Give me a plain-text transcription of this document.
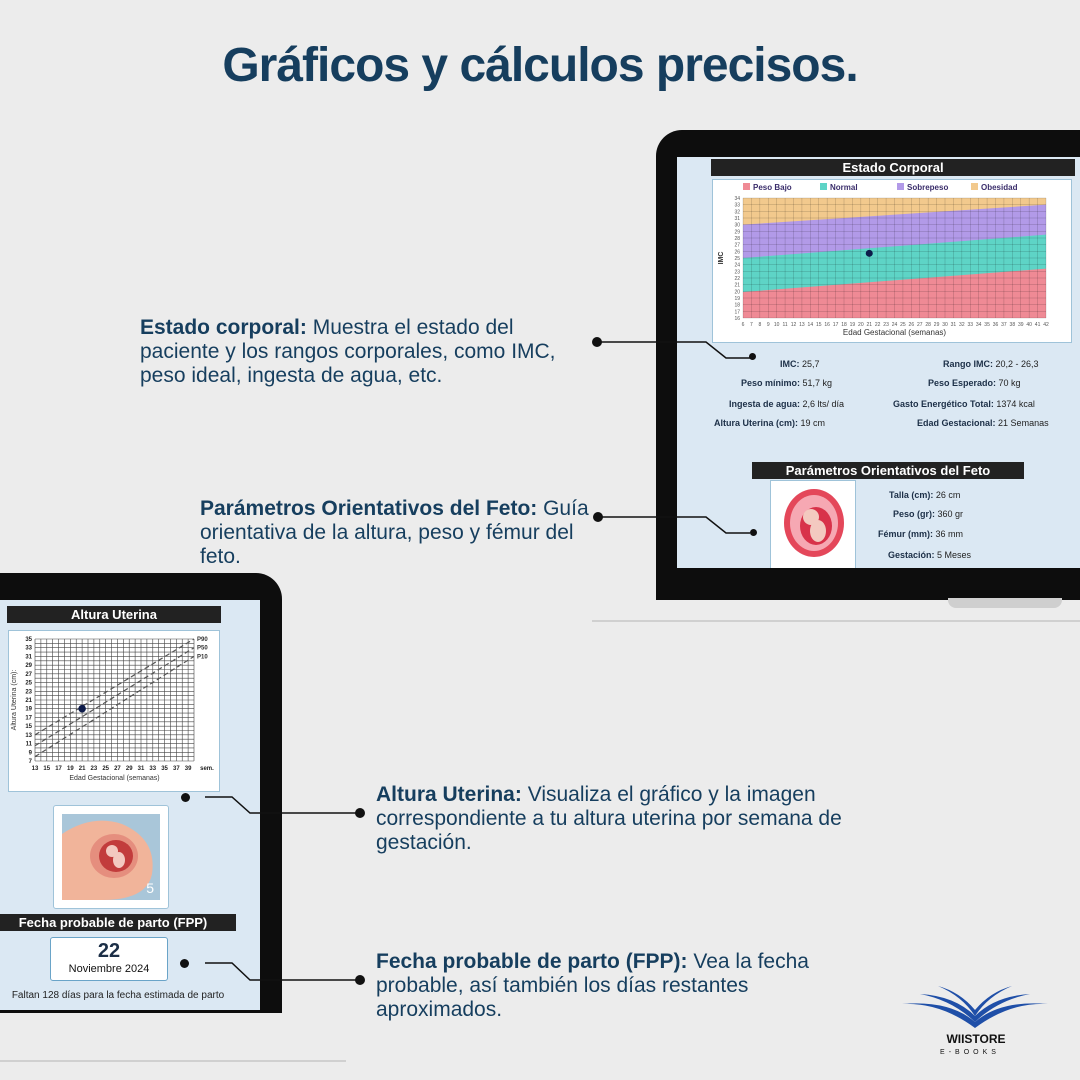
Gráficos y cálculos precisos.
Estado Corporal
Peso Bajo	Normal	Sobrepeso	Obesidad
16
17
18
19
20
21
22
23
24
25
26
27
28
29
30
31
32
33
34
6 7 8 9 10 11 12 13 14 15 16 17 18 19 20 21 22 23 24 25 26 27 28 29 30 31 32 33 34 35 36 37 38 39 40 41 42
Edad Gestacional (semanas)
IMC
IMC: 25,7	Rango IMC: 20,2 - 26,3
Peso mínimo: 51,7 kg	Peso Esperado: 70 kg
Ingesta de agua: 2,6 lts/ día	Gasto Energético Total: 1374 kcal
Altura Uterina (cm): 19 cm	Edad Gestacional: 21 Semanas
Parámetros Orientativos del Feto
Talla (cm): 26 cm
Peso (gr): 360 gr
Fémur (mm): 36 mm
Gestación: 5 Meses
Altura Uterina
P90
P50
P10
7
9
11
13
15
17
19
21
23
25
27
29
31
33
35
13 15 17 19 21 23 25 27 29 31 33 35 37 39 sem.
Edad Gestacional (semanas)
Altura Uterina (cm):
5
Fecha probable de parto (FPP)
22
Noviembre 2024
Faltan 128 días para la fecha estimada de parto
Estado corporal: Muestra el estado del paciente y los rangos corporales, como IMC, peso ideal, ingesta de agua, etc.
Parámetros Orientativos del Feto: Guía orientativa de la altura, peso y fémur del feto.
Altura Uterina: Visualiza el gráfico y la imagen correspondiente a tu altura uterina por semana de gestación.
Fecha probable de parto (FPP): Vea la fecha probable, así también los días restantes aproximados.
WIISTORE
E-BOOKS
